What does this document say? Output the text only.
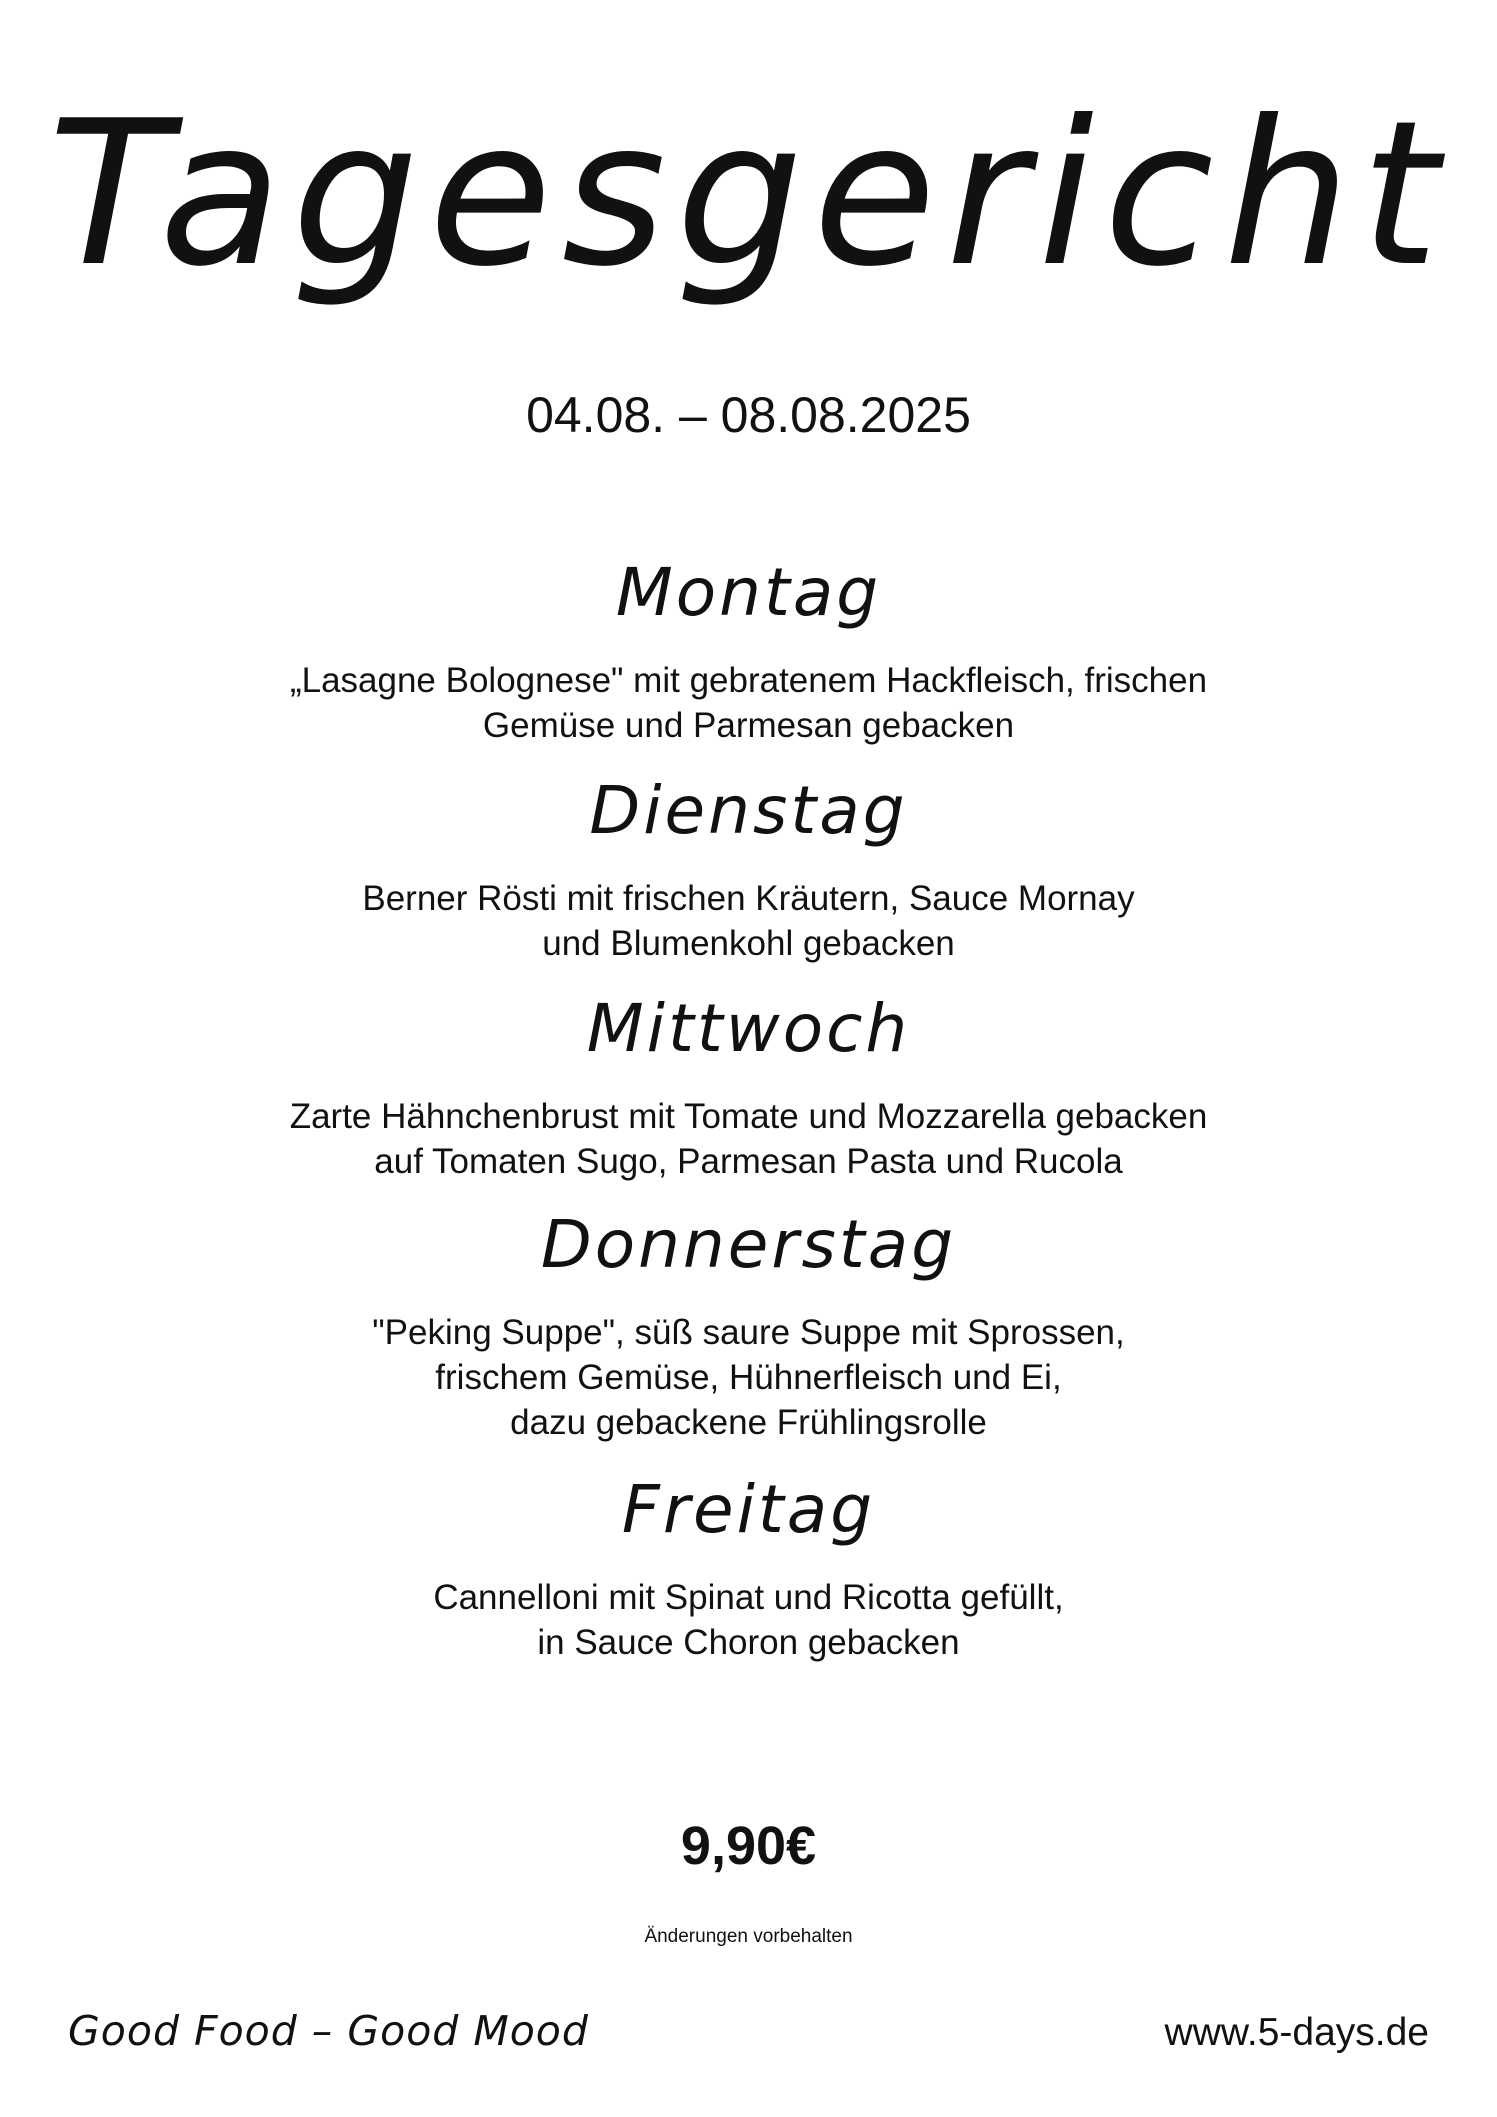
Tagesgericht
04.08. – 08.08.2025
Montag
„Lasagne Bolognese" mit gebratenem Hackfleisch, frischen
Gemüse und Parmesan gebacken
Dienstag
Berner Rösti mit frischen Kräutern, Sauce Mornay
und Blumenkohl gebacken
Mittwoch
Zarte Hähnchenbrust mit Tomate und Mozzarella gebacken
auf Tomaten Sugo, Parmesan Pasta und Rucola
Donnerstag
"Peking Suppe", süß saure Suppe mit Sprossen,
frischem Gemüse, Hühnerfleisch und Ei,
dazu gebackene Frühlingsrolle
Freitag
Cannelloni mit Spinat und Ricotta gefüllt,
in Sauce Choron gebacken
9,90€
Änderungen vorbehalten
Good Food – Good Mood	www.5-days.de
